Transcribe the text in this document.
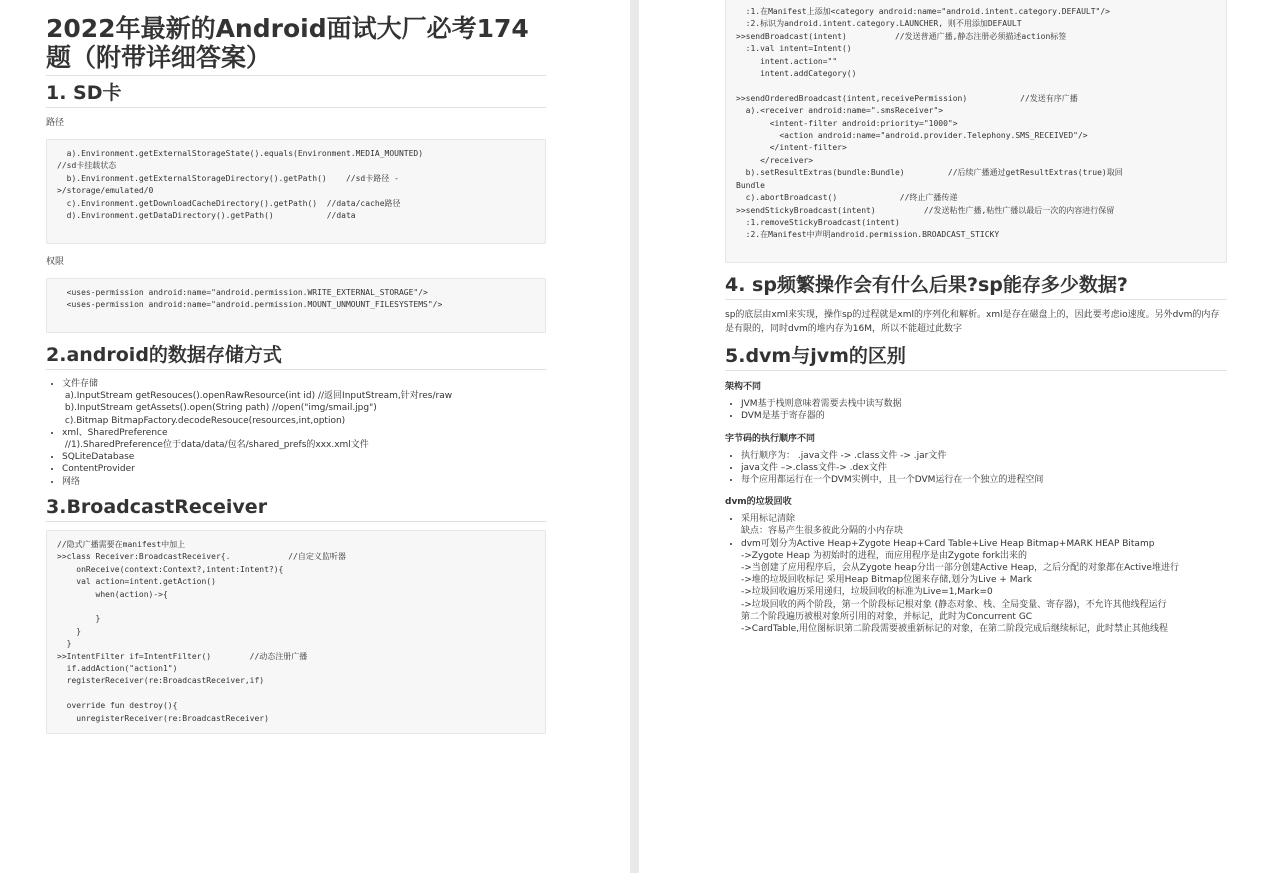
2022年最新的Android面试大厂必考174题（附带详细答案）
1. SD卡

路径

a).Environment.getExternalStorageState().equals(Environment.MEDIA_MOUNTED)
//sd卡挂载状态
b).Environment.getExternalStorageDirectory().getPath()    //sd卡路径 -
>/storage/emulated/0
c).Environment.getDownloadCacheDirectory().getPath()  //data/cache路径
d).Environment.getDataDirectory().getPath()           //data

权限

<uses-permission android:name="android.permission.WRITE_EXTERNAL_STORAGE"/>
<uses-permission android:name="android.permission.MOUNT_UNMOUNT_FILESYSTEMS"/>

2.android的数据存储方式
• 文件存储
a).InputStream getResouces().openRawResource(int id) //返回InputStream,针对res/raw
b).InputStream getAssets().open(String path) //open("img/smail.jpg")
c).Bitmap BitmapFactory.decodeResouce(resources,int,option)
• xml、SharedPreference
//1).SharedPreference位于data/data/包名/shared_prefs的xxx.xml文件
• SQLiteDatabase
• ContentProvider
• 网络
3.BroadcastReceiver
//隐式广播需要在manifest中加上
>>class Receiver:BroadcastReceiver{.            //自定义监听器
onReceive(context:Context?,intent:Intent?){
val action=intent.getAction()
when(action)->{

}
}
}
>>IntentFilter if=IntentFilter()        //动态注册广播
if.addAction("action1")
registerReceiver(re:BroadcastReceiver,if)

override fun destroy(){
unregisterReceiver(re:BroadcastReceiver)
:1.在Manifest上添加<category android:name="android.intent.category.DEFAULT"/>
:2.标识为android.intent.category.LAUNCHER, 则不用添加DEFAULT
>>sendBroadcast(intent)          //发送普通广播,静态注册必须描述action标签
:1.val intent=Intent()
intent.action=""
intent.addCategory()

>>sendOrderedBroadcast(intent,receivePermission)           //发送有序广播
a).<receiver android:name=".smsReceiver">
<intent-filter android:priority="1000">
<action android:name="android.provider.Telephony.SMS_RECEIVED"/>
</intent-filter>
</receiver>
b).setResultExtras(bundle:Bundle)         //后续广播通过getResultExtras(true)取回
Bundle
c).abortBroadcast()             //终止广播传递
>>sendStickyBroadcast(intent)          //发送粘性广播,粘性广播以最后一次的内容进行保留
:1.removeStickyBroadcast(intent)
:2.在Manifest中声明android.permission.BROADCAST_STICKY

4. sp频繁操作会有什么后果?sp能存多少数据?

sp的底层由xml来实现，操作sp的过程就是xml的序列化和解析。xml是存在磁盘上的，因此要考虑io速度。另外dvm的内存是有限的，同时dvm的堆内存为16M，所以不能超过此数字

5.dvm与jvm的区别
架构不同
• JVM基于栈则意味着需要去栈中读写数据
• DVM是基于寄存器的
字节码的执行顺序不同
• 执行顺序为： .java文件 -> .class文件 -> .jar文件
• java文件 –>.class文件-> .dex文件
• 每个应用都运行在一个DVM实例中，且一个DVM运行在一个独立的进程空间
dvm的垃圾回收
• 采用标记清除
缺点：容易产生很多彼此分隔的小内存块
• dvm可划分为Active Heap+Zygote Heap+Card Table+Live Heap Bitmap+MARK HEAP Bitamp
->Zygote Heap 为初始时的进程，而应用程序是由Zygote fork出来的
->当创建了应用程序后，会从Zygote heap分出一部分创建Active Heap，之后分配的对象都在Active堆进行
->堆的垃圾回收标记 采用Heap Bitmap位图来存储,划分为Live + Mark
->垃圾回收遍历采用递归，垃圾回收的标准为Live=1,Mark=0
->垃圾回收的两个阶段，第一个阶段标记根对象 (静态对象、栈、全局变量、寄存器)，不允许其他线程运行
第二个阶段遍历被根对象所引用的对象，并标记，此时为Concurrent GC
->CardTable,用位图标识第二阶段需要被重新标记的对象，在第二阶段完成后继续标记，此时禁止其他线程
